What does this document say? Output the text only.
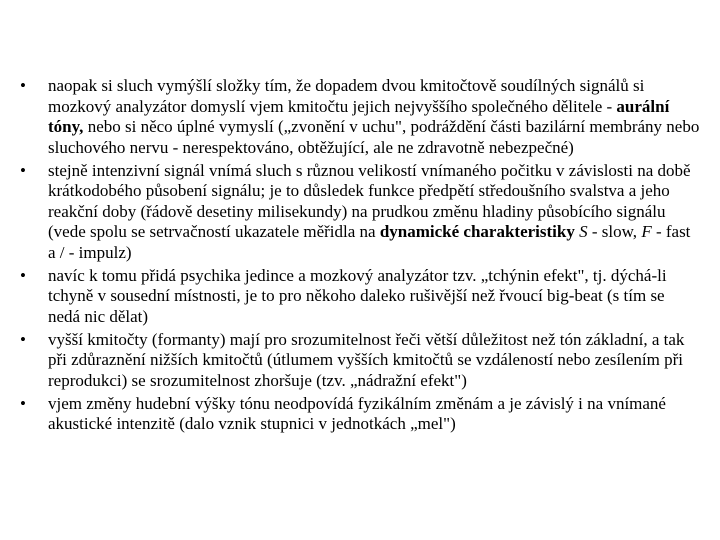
•	naopak si sluch vymýšlí složky tím, že dopadem dvou kmitočtově soudílných signálů si mozkový analyzátor domyslí vjem kmitočtu jejich nejvyššího společného dělitele - aurální tóny, nebo si něco úplné vymyslí („zvonění v uchu", podráždění části bazilární membrány nebo sluchového nervu - nerespektováno, obtěžující, ale ne zdravotně nebezpečné)
•	stejně intenzivní signál vnímá sluch s různou velikostí vnímaného počitku v závislosti na době krátkodobého působení signálu; je to důsledek funkce předpětí středoušního svalstva a jeho reakční doby (řádově desetiny milisekundy) na prudkou změnu hladiny působícího signálu (vede spolu se setrvačností ukazatele měřidla na dynamické charakteristiky S - slow, F - fast a / - impulz)
•	navíc k tomu přidá psychika jedince a mozkový analyzátor tzv. „tchýnin efekt", tj. dýchá-li tchyně v sousední místnosti, je to pro někoho daleko rušivější než řvoucí big-beat (s tím se nedá nic dělat)
•	vyšší kmitočty (formanty) mají pro srozumitelnost řeči větší důležitost než tón základní, a tak při zdůraznění nižších kmitočtů (útlumem vyšších kmitočtů se vzdáleností nebo zesílením při reprodukci) se srozumitelnost zhoršuje (tzv. „nádražní efekt")
•	vjem změny hudební výšky tónu neodpovídá fyzikálním změnám a je závislý i na vnímané akustické intenzitě (dalo vznik stupnici v jednotkách „mel")
